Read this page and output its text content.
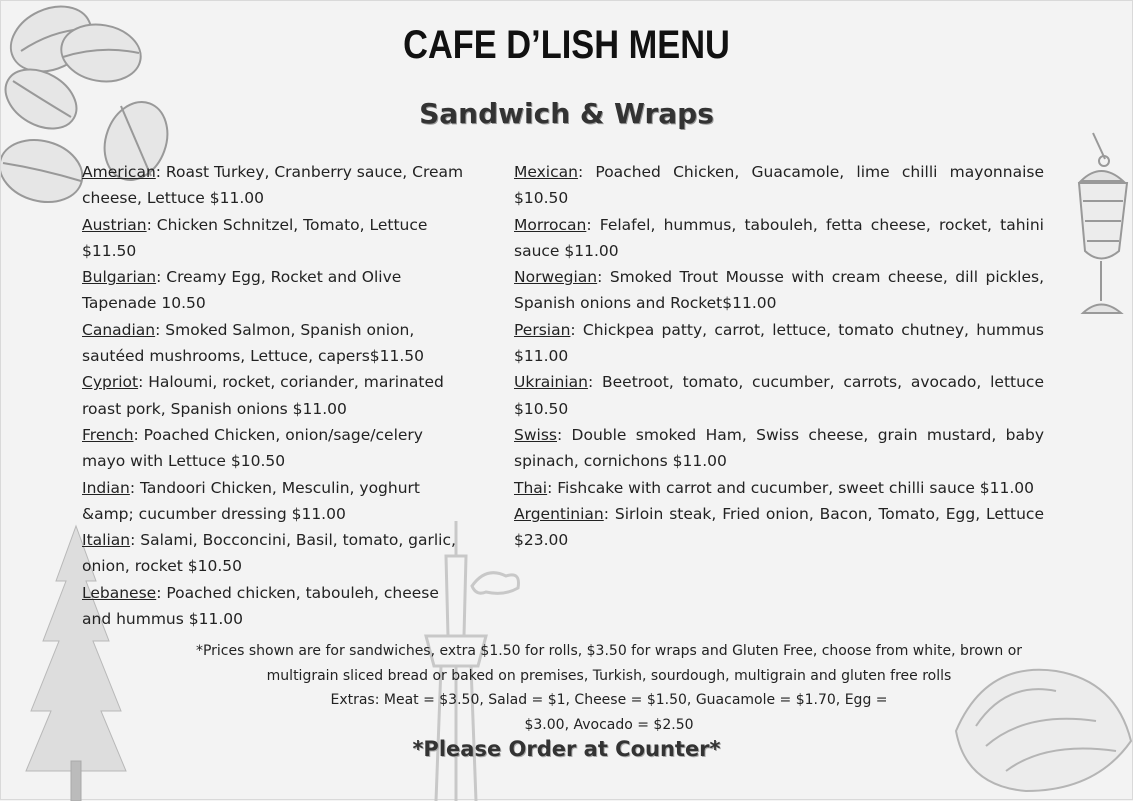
CAFE D’LISH MENU
Sandwich & Wraps

American: Roast Turkey, Cranberry sauce, Cream cheese, Lettuce $11.00

Austrian: Chicken Schnitzel, Tomato, Lettuce $11.50

Bulgarian: Creamy Egg, Rocket and Olive Tapenade 10.50

Canadian: Smoked Salmon, Spanish onion, sautéed mushrooms, Lettuce, capers$11.50

Cypriot: Haloumi, rocket, coriander, marinated roast pork, Spanish onions $11.00

French: Poached Chicken, onion/sage/celery mayo with Lettuce $10.50

Indian: Tandoori Chicken, Mesculin, yoghurt &amp; cucumber dressing $11.00

Italian: Salami, Bocconcini, Basil, tomato, garlic, onion, rocket $10.50

Lebanese: Poached chicken, tabouleh, cheese and hummus $11.00

Mexican: Poached Chicken, Guacamole, lime chilli mayonnaise $10.50

Morrocan: Felafel, hummus, tabouleh, fetta cheese, rocket, tahini sauce $11.00

Norwegian: Smoked Trout Mousse with cream cheese, dill pickles, Spanish onions and Rocket$11.00

Persian: Chickpea patty, carrot, lettuce, tomato chutney, hummus $11.00

Ukrainian: Beetroot, tomato, cucumber, carrots, avocado, lettuce $10.50

Swiss: Double smoked Ham, Swiss cheese, grain mustard, baby spinach, cornichons $11.00

Thai: Fishcake with carrot and cucumber, sweet chilli sauce $11.00

Argentinian: Sirloin steak, Fried onion, Bacon, Tomato, Egg, Lettuce $23.00

*Prices shown are for sandwiches, extra $1.50 for rolls, $3.50 for wraps and Gluten Free, choose from white, brown or multigrain sliced bread or baked on premises, Turkish, sourdough, multigrain and gluten free rolls
Extras: Meat = $3.50, Salad = $1, Cheese = $1.50, Guacamole = $1.70, Egg = $3.00, Avocado = $2.50
*Please Order at Counter*
